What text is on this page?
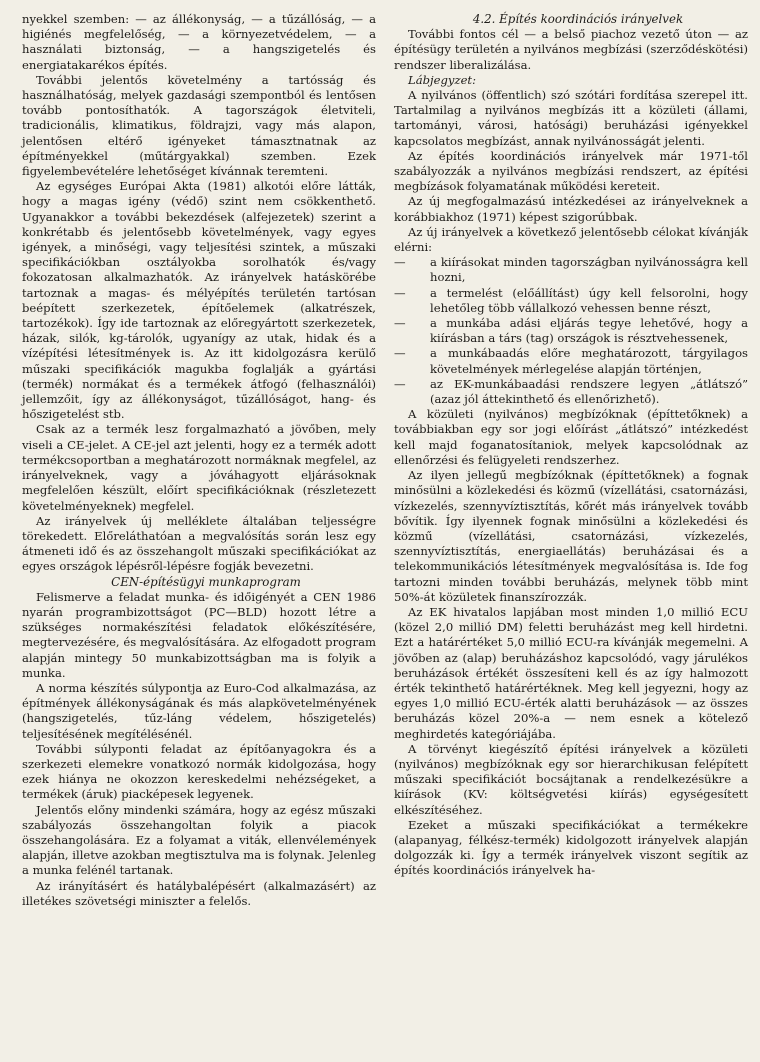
nyekkel szemben: — az állékonyság, — a tűzállóság, — a higiénés megfelelőség, — a környezetvédelem, — a használati biztonság, — a hangszigetelés és energiatakarékos építés.

További jelentős követelmény a tartósság és használhatóság, melyek gazdasági szempontból és lentősen tovább pontosíthatók. A tagországok életviteli, tradicionális, klimatikus, földrajzi, vagy más alapon, jelentősen eltérő igényeket támasztnatnak az építményekkel (műtárgyakkal) szemben. Ezek figyelembevételére lehetőséget kívánnak teremteni.

Az egységes Európai Akta (1981) alkotói előre látták, hogy a magas igény (védő) szint nem csökkenthető. Ugyanakkor a további bekezdések (alfejezetek) szerint a konkrétabb és jelentősebb követelmények, vagy egyes igények, a minőségi, vagy teljesítési szintek, a műszaki specifikációkban osztályokba sorolhatók és/vagy fokozatosan alkalmazhatók. Az irányelvek hatáskörébe tartoznak a magas- és mélyépítés területén tartósan beépített szerkezetek, építőelemek (alkatrészek, tartozékok). Így ide tartoznak az előregyártott szerkezetek, házak, silók, kg-tárolók, ugyanígy az utak, hidak és a vízépítési létesítmények is. Az itt kidolgozásra kerülő műszaki specifikációk magukba foglalják a gyártási (termék) normákat és a termékek átfogó (felhasználói) jellemzőit, így az állékonyságot, tűzállóságot, hang- és hőszigetelést stb.

Csak az a termék lesz forgalmazható a jövőben, mely viseli a CE-jelet. A CE-jel azt jelenti, hogy ez a termék adott termékcsoportban a meghatározott normáknak megfelel, az irányelveknek, vagy a jóváhagyott eljárásoknak megfelelően készült, előírt specifikációknak (részletezett követelményeknek) megfelel.

Az irányelvek új melléklete általában teljességre törekedett. Előreláthatóan a megvalósítás során lesz egy átmeneti idő és az összehangolt műszaki specifikációkat az egyes országok lépésről-lépésre fogják bevezetni.

CEN-építésügyi munkaprogram

Felismerve a feladat munka- és időigényét a CEN 1986 nyarán programbizottságot (PC—BLD) hozott létre a szükséges normakészítési feladatok előkészítésére, megtervezésére, és megvalósítására. Az elfogadott program alapján mintegy 50 munkabizottságban ma is folyik a munka.

A norma készítés súlypontja az Euro-Cod alkalmazása, az építmények állékonyságának és más alapkövetelményének (hangszigetelés, tűz-láng védelem, hőszigetelés) teljesítésének megítélésénél.

További súlyponti feladat az építőanyagokra és a szerkezeti elemekre vonatkozó normák kidolgozása, hogy ezek hiánya ne okozzon kereskedelmi nehézségeket, a termékek (áruk) piacképesek legyenek.

Jelentős előny mindenki számára, hogy az egész műszaki szabályozás összehangoltan folyik a piacok összehangolására. Ez a folyamat a viták, ellenvélemények alapján, illetve azokban megtisztulva ma is folynak. Jelenleg a munka felénél tartanak.

Az irányításért és hatálybalépésért (alkalmazásért) az illetékes szövetségi miniszter a felelős.

4.2. Építés koordinációs irányelvek

További fontos cél — a belső piachoz vezető úton — az építésügy területén a nyilvános megbízási (szerződéskötési) rendszer liberalizálása.

Lábjegyzet:

A nyilvános (öffentlich) szó szótári fordítása szerepel itt. Tartalmilag a nyilvános megbízás itt a közületi (állami, tartományi, városi, hatósági) beruházási igényekkel kapcsolatos megbízást, annak nyilvánosságát jelenti.

Az építés koordinációs irányelvek már 1971-től szabályozzák a nyilvános megbízási rendszert, az építési megbízások folyamatának működési kereteit.

Az új megfogalmazású intézkedései az irányelveknek a korábbiakhoz (1971) képest szigorúbbak.

Az új irányelvek a következő jelentősebb célokat kívánják elérni:

— a kiírásokat minden tagországban nyilvánosságra kell hozni,
— a termelést (előállítást) úgy kell felsorolni, hogy lehetőleg több vállalkozó vehessen benne részt,
— a munkába adási eljárás tegye lehetővé, hogy a kiírásban a társ (tag) országok is résztvehessenek,
— a munkábaadás előre meghatározott, tárgyilagos követelmények mérlegelése alapján történjen,
— az EK-munkábaadási rendszere legyen „átlátszó” (azaz jól áttekinthető és ellenőrizhető).

A közületi (nyilvános) megbízóknak (építtetőknek) a továbbiakban egy sor jogi előírást „átlátszó” intézkedést kell majd foganatosítaniok, melyek kapcsolódnak az ellenőrzési és felügyeleti rendszerhez.

Az ilyen jellegű megbízóknak (építtetőknek) a fognak minősülni a közlekedési és közmű (vízellátási, csatornázási, vízkezelés, szennyvíztisztítás, kőrét más irányelvek tovább bővítik. Így ilyennek fognak minősülni a közlekedési és közmű (vízellátási, csatornázási, vízkezelés, szennyvíztisztítás, energiaellátás) beruházásai és a telekommunikációs létesítmények megvalósítása is. Ide fog tartozni minden további beruházás, melynek több mint 50%-át közületek finanszírozzák.

Az EK hivatalos lapjában most minden 1,0 millió ECU (közel 2,0 millió DM) feletti beruházást meg kell hirdetni. Ezt a határértéket 5,0 millió ECU-ra kívánják megemelni. A jövőben az (alap) beruházáshoz kapcsolódó, vagy járulékos beruházások értékét összesíteni kell és az így halmozott érték tekinthető határértéknek. Meg kell jegyezni, hogy az egyes 1,0 millió ECU-érték alatti beruházások — az összes beruházás közel 20%-a — nem esnek a kötelező meghirdetés kategóriájába.

A törvényt kiegészítő építési irányelvek a közületi (nyilvános) megbízóknak egy sor hierarchikusan felépített műszaki specifikációt bocsájtanak a rendelkezésükre a kiírások (KV: költségvetési kiírás) egységesített elkészítéséhez.

Ezeket a műszaki specifikációkat a termékekre (alapanyag, félkész-termék) kidolgozott irányelvek alapján dolgozzák ki. Így a termék irányelvek viszont segítik az építés koordinációs irányelvek ha-
